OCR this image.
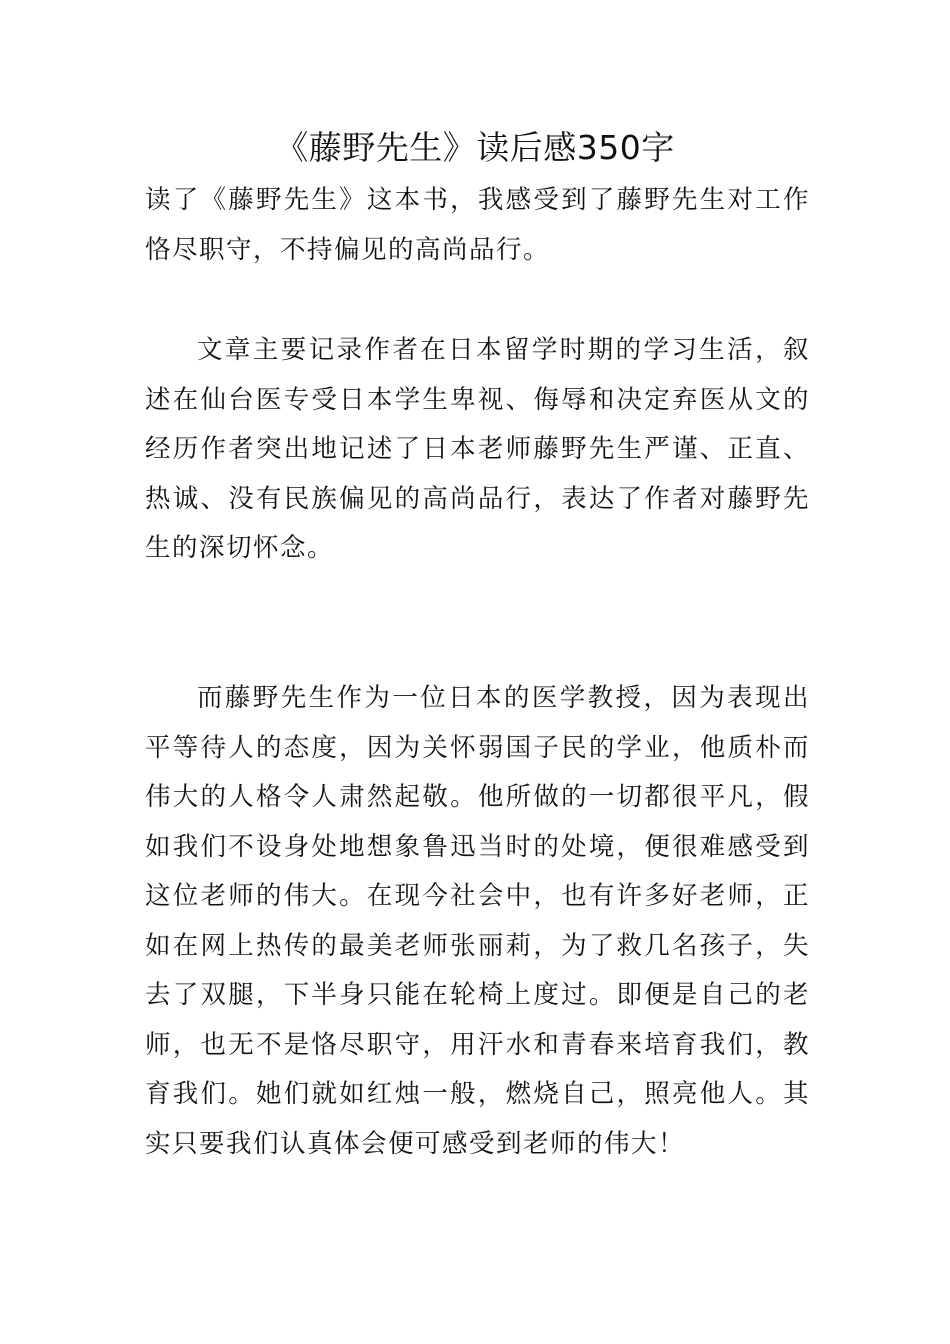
《藤野先生》读后感350字

读了《藤野先生》这本书，我感受到了藤野先生对工作恪尽职守，不持偏见的高尚品行。

文章主要记录作者在日本留学时期的学习生活，叙述在仙台医专受日本学生卑视、侮辱和决定弃医从文的经历作者突出地记述了日本老师藤野先生严谨、正直、热诚、没有民族偏见的高尚品行，表达了作者对藤野先生的深切怀念。

而藤野先生作为一位日本的医学教授，因为表现出平等待人的态度，因为关怀弱国子民的学业，他质朴而伟大的人格令人肃然起敬。他所做的一切都很平凡，假如我们不设身处地想象鲁迅当时的处境，便很难感受到这位老师的伟大。在现今社会中，也有许多好老师，正如在网上热传的最美老师张丽莉，为了救几名孩子，失去了双腿，下半身只能在轮椅上度过。即便是自己的老师，也无不是恪尽职守，用汗水和青春来培育我们，教育我们。她们就如红烛一般，燃烧自己，照亮他人。其实只要我们认真体会便可感受到老师的伟大！
